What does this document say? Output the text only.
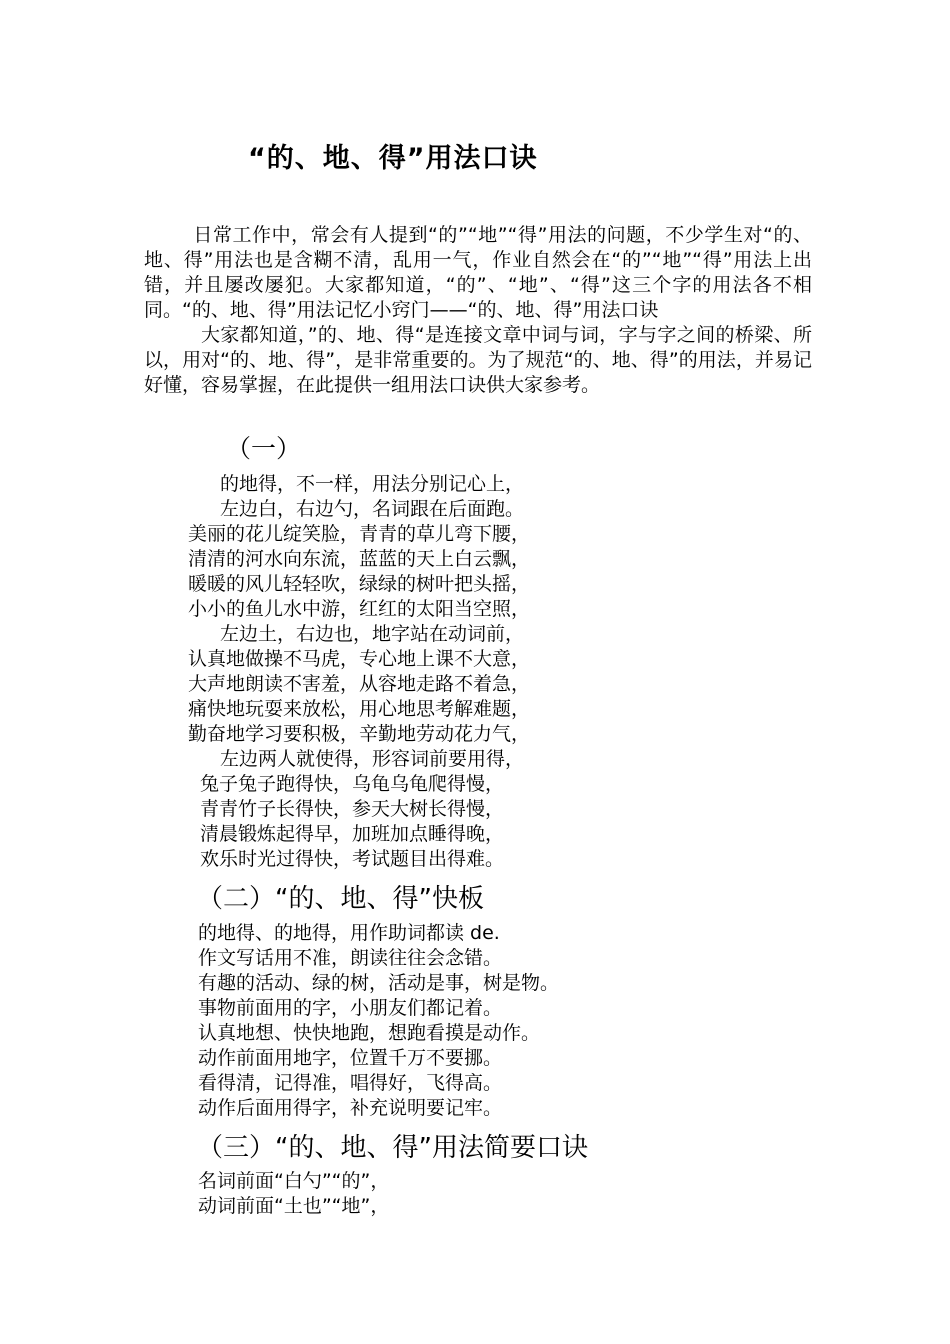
“的、地、得”用法口诀

日常工作中，常会有人提到“的”“地”“得”用法的问题，不少学生对“的、地、得”用法也是含糊不清，乱用一气，作业自然会在“的”“地”“得”用法上出错，并且屡改屡犯。大家都知道，“的”、“地”、“得”这三个字的用法各不相同。“的、地、得”用法记忆小窍门——“的、地、得”用法口诀

大家都知道，”的、地、得“是连接文章中词与词，字与字之间的桥梁、所以，用对“的、地、得”，是非常重要的。为了规范“的、地、得”的用法，并易记好懂，容易掌握，在此提供一组用法口诀供大家参考。

（一）
的地得，不一样，用法分别记心上，
左边白，右边勺，名词跟在后面跑。
美丽的花儿绽笑脸，青青的草儿弯下腰，
清清的河水向东流，蓝蓝的天上白云飘，
暖暖的风儿轻轻吹，绿绿的树叶把头摇，
小小的鱼儿水中游，红红的太阳当空照，
左边土，右边也，地字站在动词前，
认真地做操不马虎，专心地上课不大意，
大声地朗读不害羞，从容地走路不着急，
痛快地玩耍来放松，用心地思考解难题，
勤奋地学习要积极，辛勤地劳动花力气，
左边两人就使得，形容词前要用得，
兔子兔子跑得快，乌龟乌龟爬得慢，
青青竹子长得快，参天大树长得慢，
清晨锻炼起得早，加班加点睡得晚，
欢乐时光过得快，考试题目出得难。
（二）“的、地、得”快板
的地得、的地得，用作助词都读 de.
作文写话用不准，朗读往往会念错。
有趣的活动、绿的树，活动是事，树是物。
事物前面用的字，小朋友们都记着。
认真地想、快快地跑，想跑看摸是动作。
动作前面用地字，位置千万不要挪。
看得清，记得准，唱得好，飞得高。
动作后面用得字，补充说明要记牢。
（三）“的、地、得”用法简要口诀
名词前面“白勺”“的”，
动词前面“土也”“地”，
